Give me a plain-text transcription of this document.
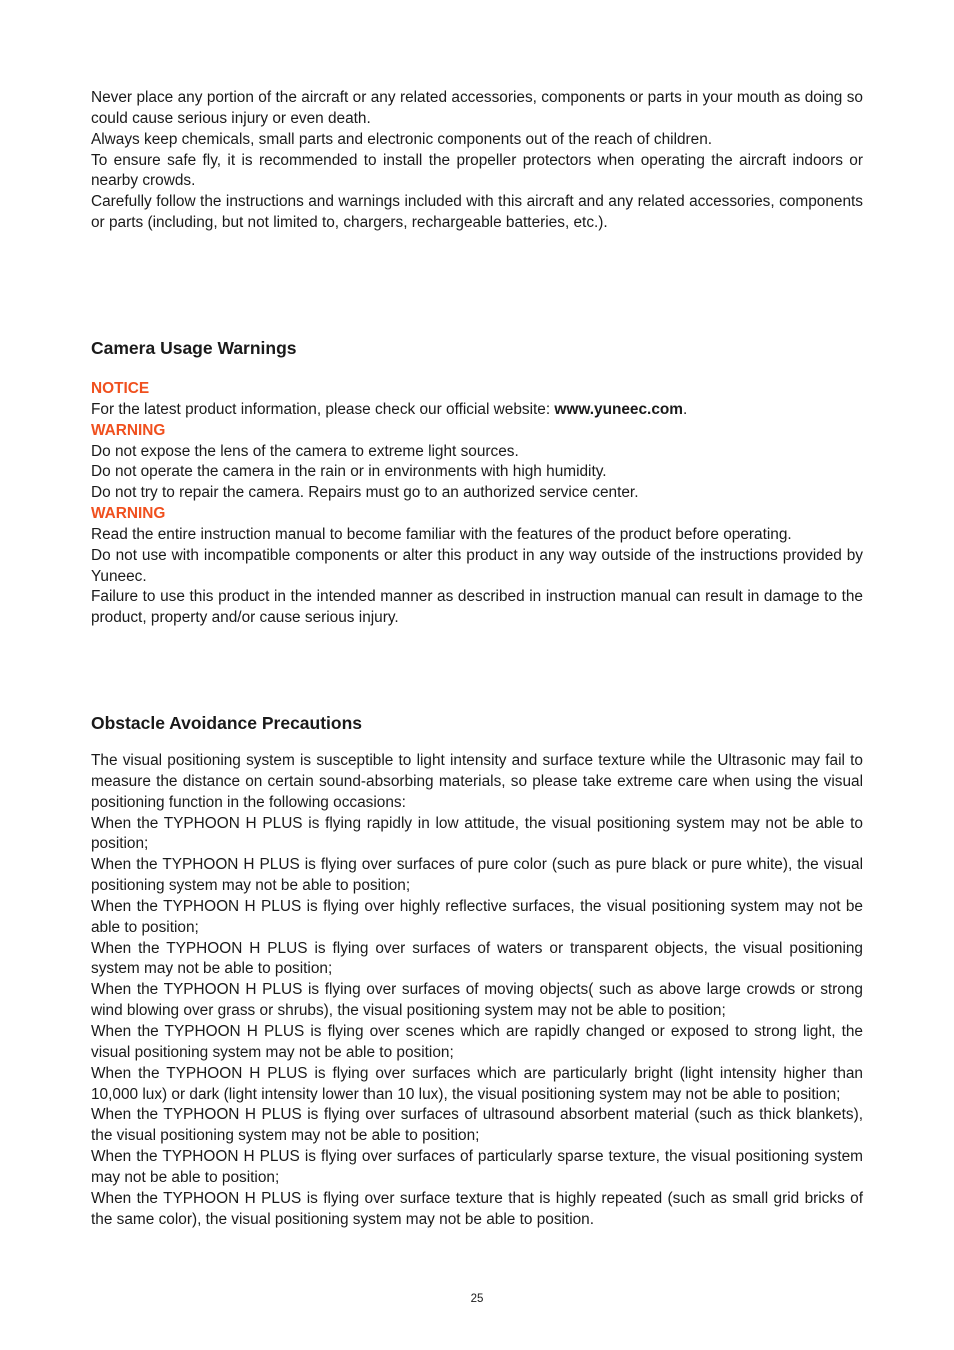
Never place any portion of the aircraft or any related accessories, components or parts in your mouth as doing so could cause serious injury or even death.

Always keep chemicals, small parts and electronic components out of the reach of children.

To ensure safe fly, it is recommended to install the propeller protectors when operating the aircraft indoors or nearby crowds.

Carefully follow the instructions and warnings included with this aircraft and any related accessories, components or parts (including, but not limited to, chargers, rechargeable batteries, etc.).

Camera Usage Warnings
NOTICE

For the latest product information, please check our official website: www.yuneec.com.

WARNING

Do not expose the lens of the camera to extreme light sources.

Do not operate the camera in the rain or in environments with high humidity.

Do not try to repair the camera. Repairs must go to an authorized service center.

WARNING

Read the entire instruction manual to become familiar with the features of the product before operating.

Do not use with incompatible components or alter this product in any way outside of the instructions provided by Yuneec.

Failure to use this product in the intended manner as described in instruction manual can result in damage to the product, property and/or cause serious injury.

Obstacle Avoidance Precautions

The visual positioning system is susceptible to light intensity and surface texture while the Ultrasonic may fail to measure the distance on certain sound-absorbing materials, so please take extreme care when using the visual positioning function in the following occasions:

When the TYPHOON H PLUS is flying rapidly in low attitude, the visual positioning system may not be able to position;

When the TYPHOON H PLUS is flying over surfaces of pure color (such as pure black or pure white), the visual positioning system may not be able to position;

When the TYPHOON H PLUS is flying over highly reflective surfaces, the visual positioning system may not be able to position;

When the TYPHOON H PLUS is flying over surfaces of waters or transparent objects, the visual positioning system may not be able to position;

When the TYPHOON H PLUS is flying over surfaces of moving objects( such as above large crowds or strong wind blowing over grass or shrubs), the visual positioning system may not be able to position;

When the TYPHOON H PLUS is flying over scenes which are rapidly changed or exposed to strong light, the visual positioning system may not be able to position;

When the TYPHOON H PLUS is flying over surfaces which are particularly bright (light intensity higher than 10,000 lux) or dark (light intensity lower than 10 lux), the visual positioning system may not be able to position;

When the TYPHOON H PLUS is flying over surfaces of ultrasound absorbent material (such as thick blankets), the visual positioning system may not be able to position;

When the TYPHOON H PLUS is flying over surfaces of particularly sparse texture, the visual positioning system may not be able to position;

When the TYPHOON H PLUS is flying over surface texture that is highly repeated (such as small grid bricks of the same color), the visual positioning system may not be able to position.

25
